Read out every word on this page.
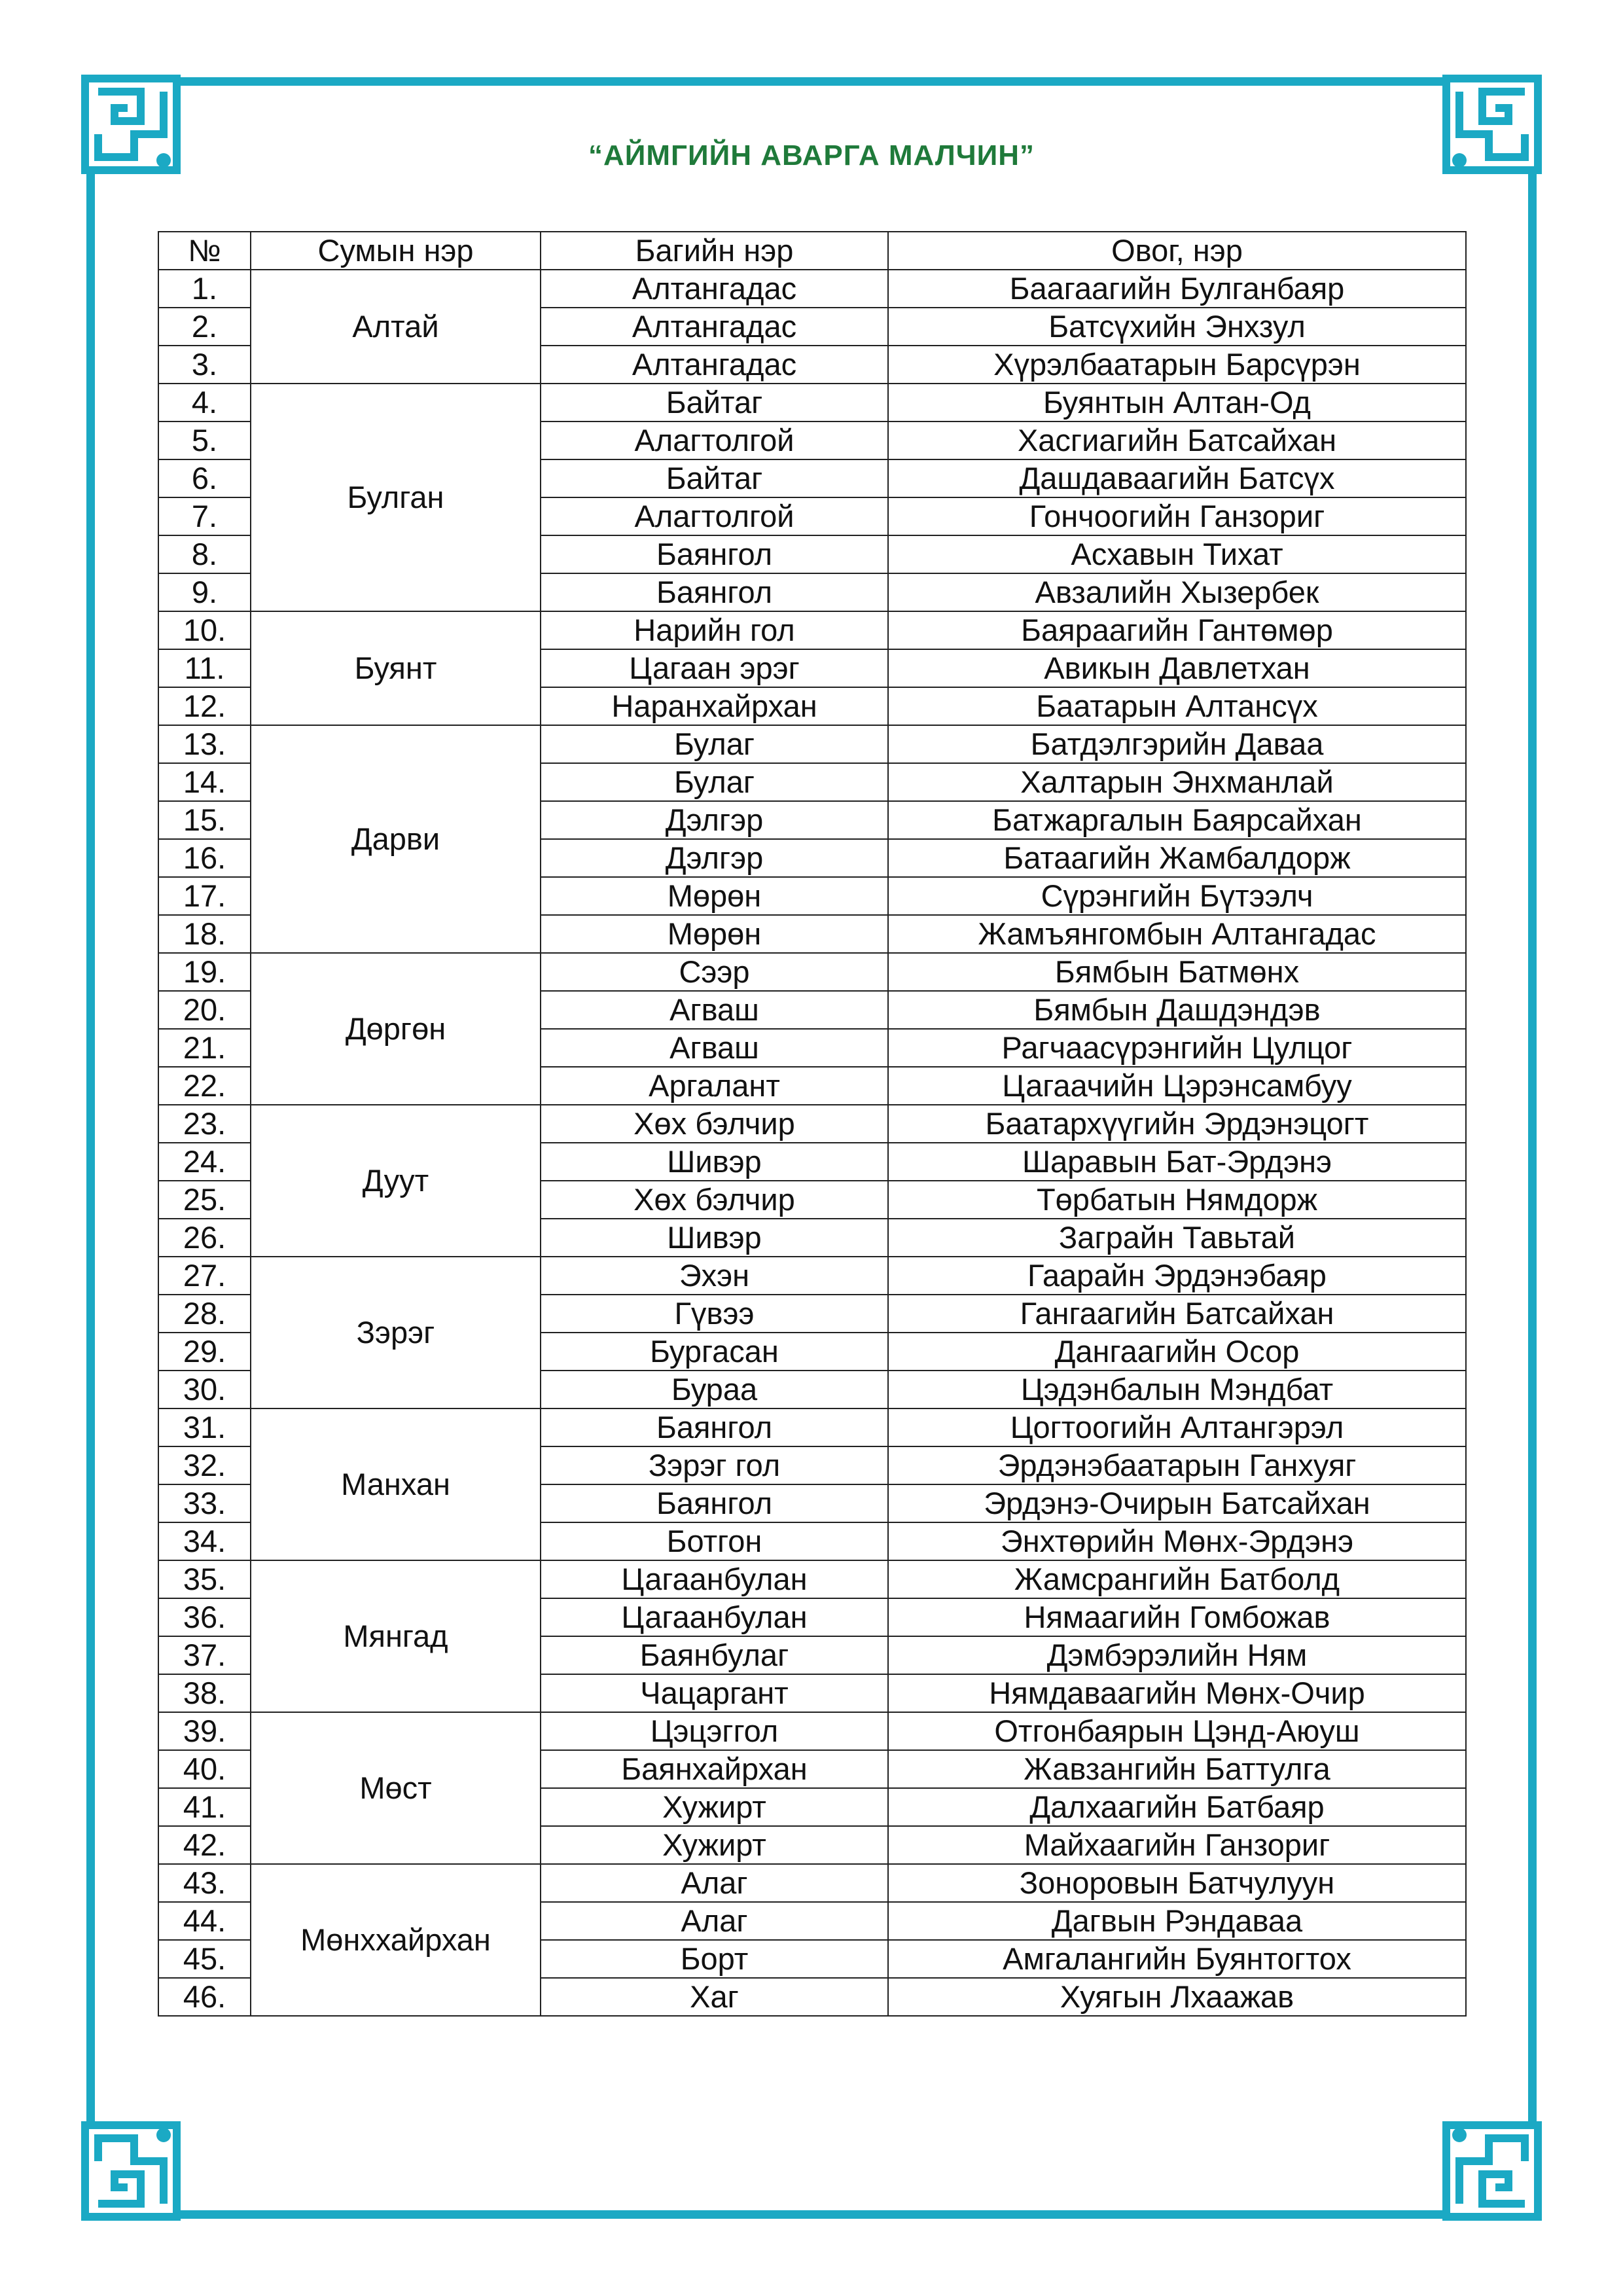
“АЙМГИЙН АВАРГА МАЛЧИН”
№	Сумын нэр	Багийн нэр	Овог, нэр
1.	Алтай	Алтангадас	Баагаагийн Булганбаяр
2.		Алтангадас	Батсүхийн Энхзул
3.		Алтангадас	Хүрэлбаатарын Барсүрэн
4.	Булган	Байтаг	Буянтын Алтан-Од
5.		Алагтолгой	Хасгиагийн Батсайхан
6.		Байтаг	Дашдаваагийн Батсүх
7.		Алагтолгой	Гончоогийн Ганзориг
8.		Баянгол	Асхавын Тихат
9.		Баянгол	Авзалийн Хызербек
10.	Буянт	Нарийн гол	Баяраагийн Гантөмөр
11.		Цагаан эрэг	Авикын Давлетхан
12.		Наранхайрхан	Баатарын Алтансүх
13.	Дарви	Булаг	Батдэлгэрийн Даваа
14.		Булаг	Халтарын Энхманлай
15.		Дэлгэр	Батжаргалын Баярсайхан
16.		Дэлгэр	Батаагийн Жамбалдорж
17.		Мөрөн	Сүрэнгийн Бүтээлч
18.		Мөрөн	Жамъянгомбын Алтангадас
19.	Дөргөн	Сээр	Бямбын Батмөнх
20.		Агваш	Бямбын Дашдэндэв
21.		Агваш	Рагчаасүрэнгийн Цулцог
22.		Аргалант	Цагаачийн Цэрэнсамбуу
23.	Дуут	Хөх бэлчир	Баатархүүгийн Эрдэнэцогт
24.		Шивэр	Шаравын Бат-Эрдэнэ
25.		Хөх бэлчир	Төрбатын Нямдорж
26.		Шивэр	Заграйн Тавьтай
27.	Зэрэг	Эхэн	Гаарайн Эрдэнэбаяр
28.		Гүвээ	Гангаагийн Батсайхан
29.		Бургасан	Дангаагийн Осор
30.		Бураа	Цэдэнбалын Мэндбат
31.	Манхан	Баянгол	Цогтоогийн Алтангэрэл
32.		Зэрэг гол	Эрдэнэбаатарын Ганхуяг
33.		Баянгол	Эрдэнэ-Очирын Батсайхан
34.		Ботгон	Энхтөрийн Мөнх-Эрдэнэ
35.	Мянгад	Цагаанбулан	Жамсрангийн Батболд
36.		Цагаанбулан	Нямаагийн Гомбожав
37.		Баянбулаг	Дэмбэрэлийн Ням
38.		Чацаргант	Нямдаваагийн Мөнх-Очир
39.	Мөст	Цэцэггол	Отгонбаярын Цэнд-Аюуш
40.		Баянхайрхан	Жавзангийн Баттулга
41.		Хужирт	Далхаагийн Батбаяр
42.		Хужирт	Майхаагийн Ганзориг
43.	Мөнххайрхан	Алаг	Зоноровын Батчулуун
44.		Алаг	Дагвын Рэндаваа
45.		Борт	Амгалангийн Буянтогтох
46.		Хаг	Хуягын Лхаажав
